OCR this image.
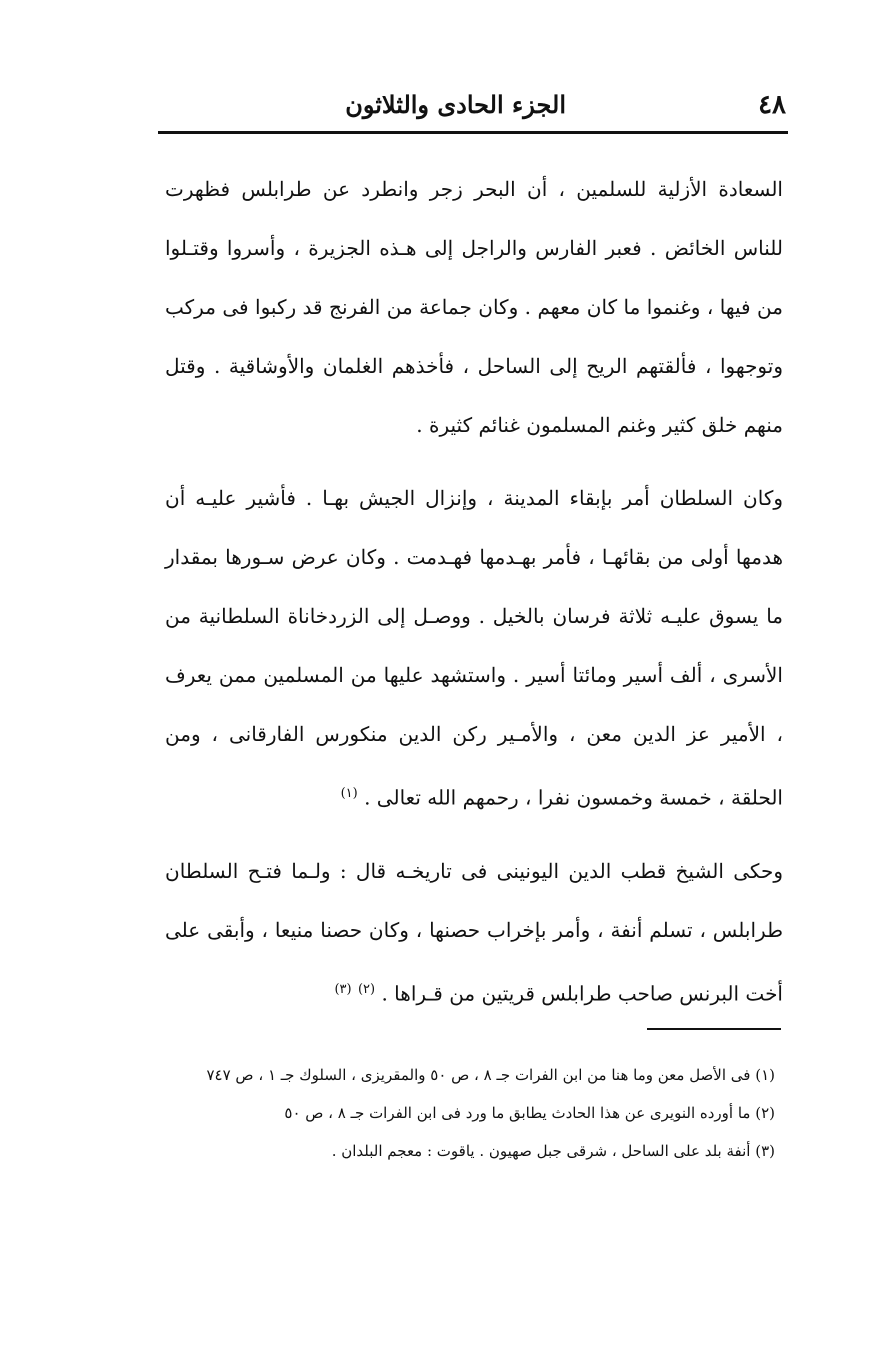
٤٨
الجزء الحادى والثلاثون

السعادة الأزلية للسلمين ، أن البحر زجر وانطرد عن طرابلس فظهرت للناس الخائض . فعبر الفارس والراجل إلى هـذه الجزيرة ، وأسروا وقتـلوا من فيها ، وغنموا ما كان معهم . وكان جماعة من الفرنج قد ركبوا فى مركب وتوجهوا ، فألقتهم الريح إلى الساحل ، فأخذهم الغلمان والأوشاقية . وقتل منهم خلق كثير وغنم المسلمون غنائم كثيرة .

وكان السلطان أمر بإبقاء المدينة ، وإنزال الجيش بهـا . فأشير عليـه أن هدمها أولى من بقائهـا ، فأمر بهـدمها فهـدمت . وكان عرض سـورها بمقدار ما يسوق عليـه ثلاثة فرسان بالخيل . ووصـل إلى الزردخاناة السلطانية من الأسرى ، ألف أسير ومائتا أسير . واستشهد عليها من المسلمين ممن يعرف ، الأمير عز الدين معن ، والأمـير ركن الدين منكورس الفارقانى ، ومن الحلقة ، خمسة وخمسون نفرا ، رحمهم الله تعالى . $^{(١)}$

وحكى الشيخ قطب الدين اليونينى فى تاريخـه قال : ولـما فتـح السلطان طرابلس ، تسلم أنفة ، وأمر بإخراب حصنها ، وكان حصنا منيعا ، وأبقى على أخت البرنس صاحب طرابلس قريتين من قـراها . $^{(٢)}$ $^{(٣)}$

(١) فى الأصل معن وما هنا من ابن الفرات جـ ٨ ، ص ٥٠ والمقريزى ، السلوك جـ ١ ، ص ٧٤٧

(٢) ما أورده النويرى عن هذا الحادث يطابق ما ورد فى ابن الفرات جـ ٨ ، ص ٥٠

(٣) أنفة بلد على الساحل ، شرقى جبل صهيون . ياقوت : معجم البلدان .
